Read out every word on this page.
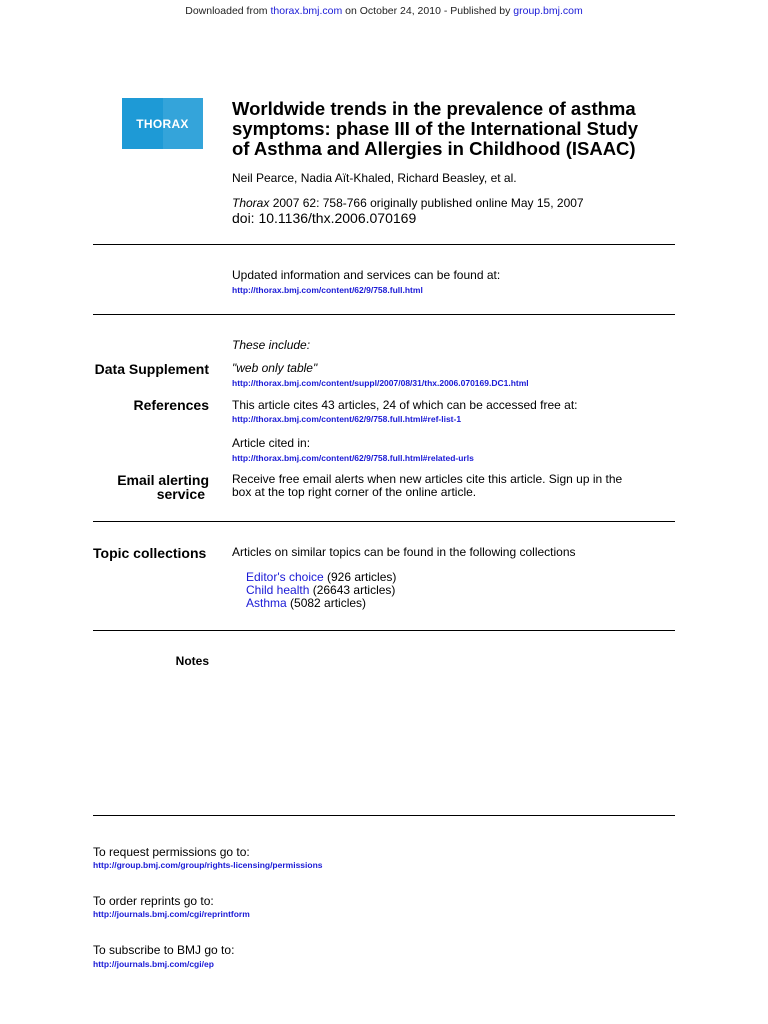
Downloaded from thorax.bmj.com on October 24, 2010 - Published by group.bmj.com
THORAX
Worldwide trends in the prevalence of asthma
symptoms: phase III of the International Study
of Asthma and Allergies in Childhood (ISAAC)
Neil Pearce, Nadia Aït-Khaled, Richard Beasley, et al.
Thorax 2007 62: 758-766 originally published online May 15, 2007
doi: 10.1136/thx.2006.070169
Updated information and services can be found at:
http://thorax.bmj.com/content/62/9/758.full.html
These include:
Data Supplement "web only table"
http://thorax.bmj.com/content/suppl/2007/08/31/thx.2006.070169.DC1.html
References This article cites 43 articles, 24 of which can be accessed free at:
http://thorax.bmj.com/content/62/9/758.full.html#ref-list-1
Article cited in:
http://thorax.bmj.com/content/62/9/758.full.html#related-urls
Email alerting
service
Receive free email alerts when new articles cite this article. Sign up in the
box at the top right corner of the online article.
Topic collections Articles on similar topics can be found in the following collections
Editor's choice (926 articles)
Child health (26643 articles)
Asthma (5082 articles)
Notes
To request permissions go to:
http://group.bmj.com/group/rights-licensing/permissions
To order reprints go to:
http://journals.bmj.com/cgi/reprintform
To subscribe to BMJ go to:
http://journals.bmj.com/cgi/ep
